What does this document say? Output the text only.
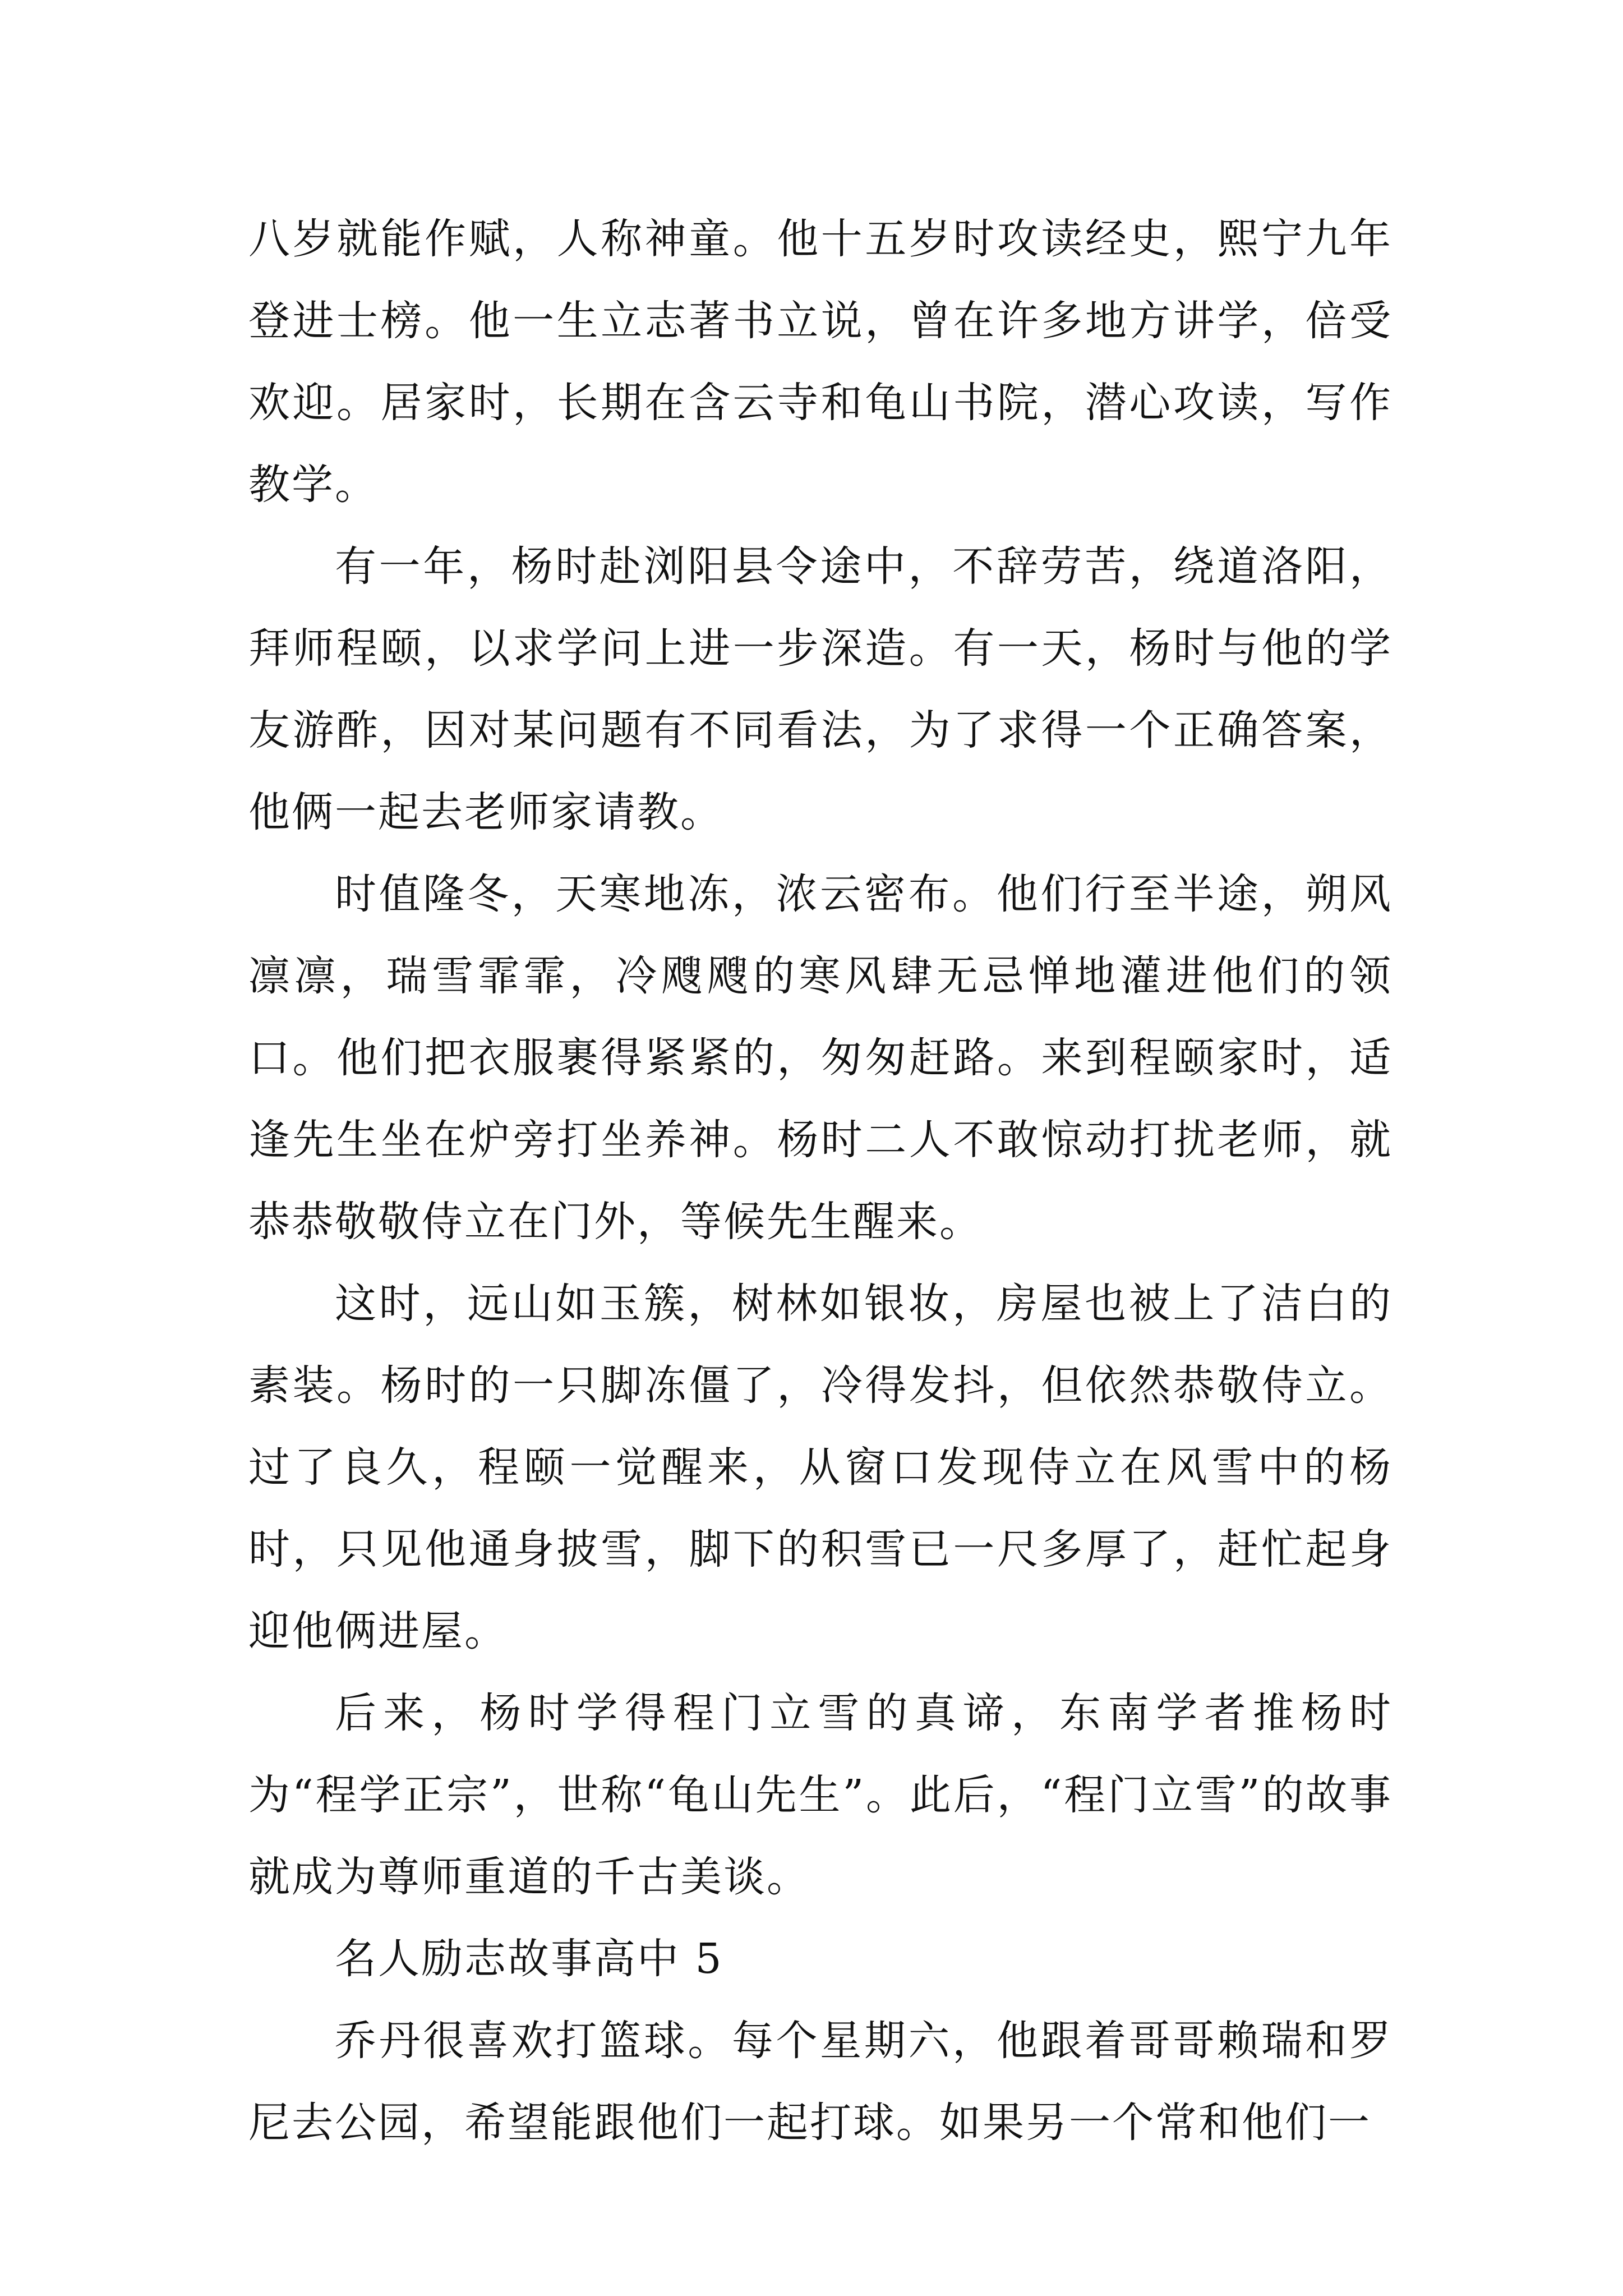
八岁就能作赋，人称神童。他十五岁时攻读经史，熙宁九年登进士榜。他一生立志著书立说，曾在许多地方讲学，倍受欢迎。居家时，长期在含云寺和龟山书院，潜心攻读，写作教学。

有一年，杨时赴浏阳县令途中，不辞劳苦，绕道洛阳，拜师程颐，以求学问上进一步深造。有一天，杨时与他的学友游酢，因对某问题有不同看法，为了求得一个正确答案，他俩一起去老师家请教。

时值隆冬，天寒地冻，浓云密布。他们行至半途，朔风凛凛，瑞雪霏霏，冷飕飕的寒风肆无忌惮地灌进他们的领口。他们把衣服裹得紧紧的，匆匆赶路。来到程颐家时，适逢先生坐在炉旁打坐养神。杨时二人不敢惊动打扰老师，就恭恭敬敬侍立在门外，等候先生醒来。

这时，远山如玉簇，树林如银妆，房屋也被上了洁白的素装。杨时的一只脚冻僵了，冷得发抖，但依然恭敬侍立。过了良久，程颐一觉醒来，从窗口发现侍立在风雪中的杨时，只见他通身披雪，脚下的积雪已一尺多厚了，赶忙起身迎他俩进屋。

后来，杨时学得程门立雪的真谛，东南学者推杨时为“程学正宗”，世称“龟山先生”。此后，“程门立雪”的故事就成为尊师重道的千古美谈。

名人励志故事高中 5

乔丹很喜欢打篮球。每个星期六，他跟着哥哥赖瑞和罗尼去公园，希望能跟他们一起打球。如果另一个常和他们一
